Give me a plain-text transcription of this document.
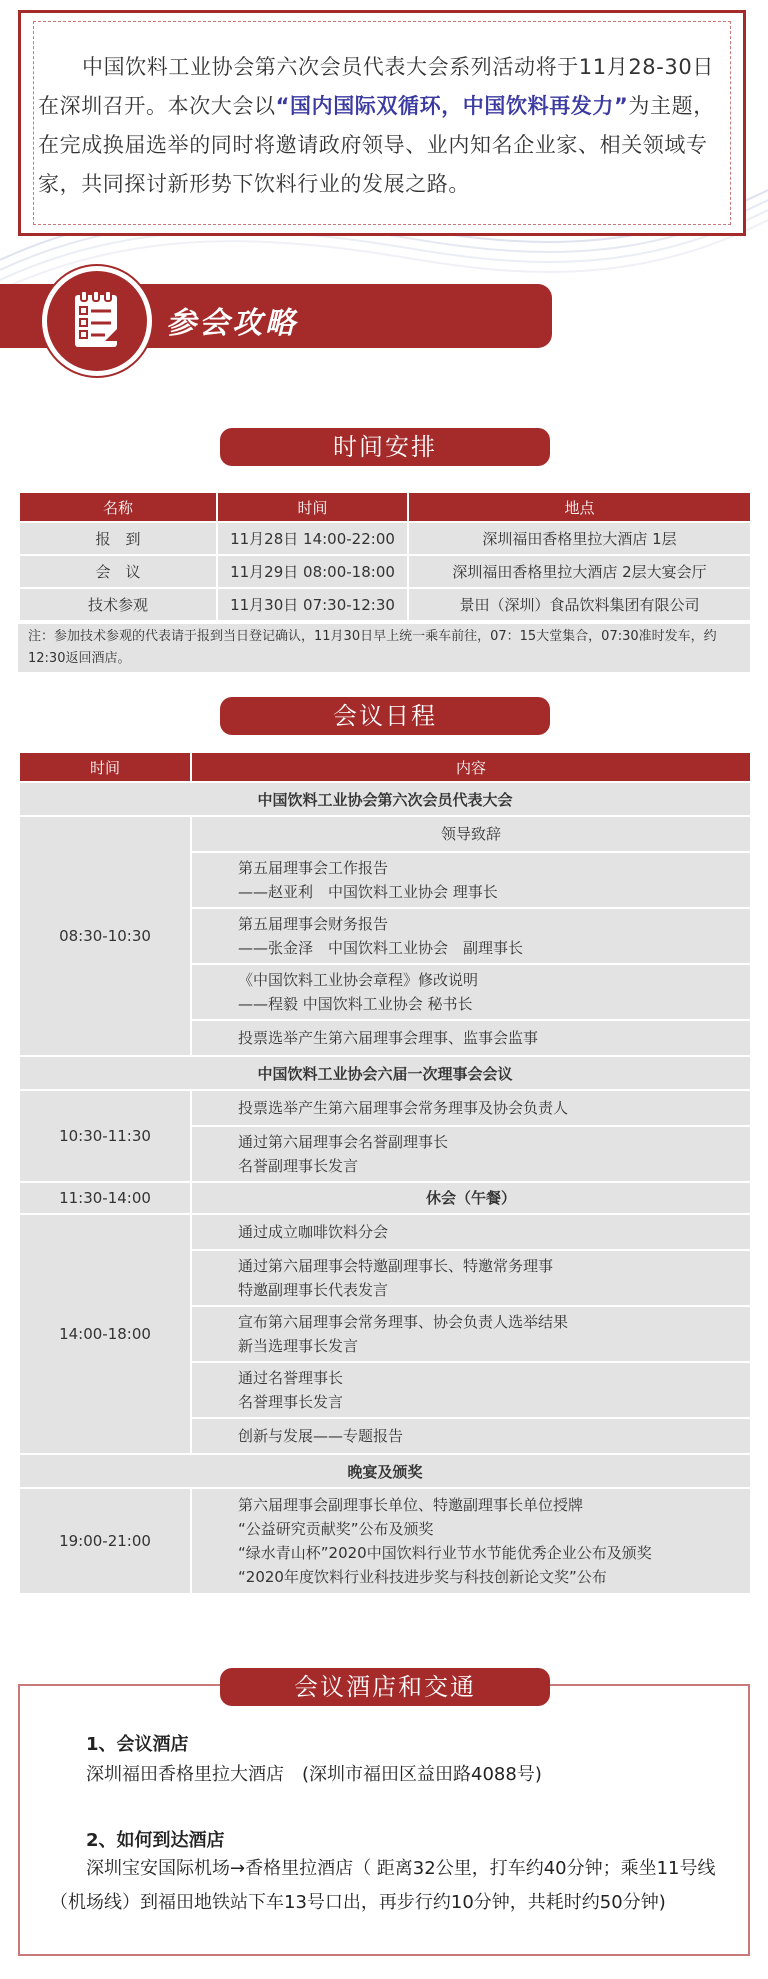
中国饮料工业协会第六次会员代表大会系列活动将于11月28-30日在深圳召开。本次大会以“国内国际双循环，中国饮料再发力”为主题，在完成换届选举的同时将邀请政府领导、业内知名企业家、相关领域专家，共同探讨新形势下饮料行业的发展之路。
参会攻略
时间安排
名称	时间	地点
报　到	11月28日 14:00-22:00	深圳福田香格里拉大酒店 1层
会　议	11月29日 08:00-18:00	深圳福田香格里拉大酒店 2层大宴会厅
技术参观	11月30日 07:30-12:30	景田（深圳）食品饮料集团有限公司
注：参加技术参观的代表请于报到当日登记确认，11月30日早上统一乘车前往，07：15大堂集合，07:30准时发车，约12:30返回酒店。
会议日程
时间	内容
中国饮料工业协会第六次会员代表大会	
08:30-10:30	领导致辞

	第五届理事会工作报告
——赵亚利　中国饮料工业协会 理事长

	第五届理事会财务报告
——张金泽　中国饮料工业协会　副理事长

	《中国饮料工业协会章程》修改说明
——程毅 中国饮料工业协会 秘书长

	投票选举产生第六届理事会理事、监事会监事
中国饮料工业协会六届一次理事会会议	
10:30-11:30	投票选举产生第六届理事会常务理事及协会负责人

	通过第六届理事会名誉副理事长
名誉副理事长发言

11:30-14:00	休会（午餐）
14:00-18:00	通过成立咖啡饮料分会

	通过第六届理事会特邀副理事长、特邀常务理事
特邀副理事长代表发言

	宣布第六届理事会常务理事、协会负责人选举结果
新当选理事长发言

	通过名誉理事长
名誉理事长发言

	创新与发展——专题报告
晚宴及颁奖	
19:00-21:00	第六届理事会副理事长单位、特邀副理事长单位授牌
“公益研究贡献奖”公布及颁奖
“绿水青山杯”2020中国饮料行业节水节能优秀企业公布及颁奖
“2020年度饮料行业科技进步奖与科技创新论文奖”公布
会议酒店和交通
1、会议酒店
深圳福田香格里拉大酒店　(深圳市福田区益田路4088号)
2、如何到达酒店
深圳宝安国际机场→香格里拉酒店（ 距离32公里，打车约40分钟；乘坐11号线（机场线）到福田地铁站下车13号口出，再步行约10分钟，共耗时约50分钟)
